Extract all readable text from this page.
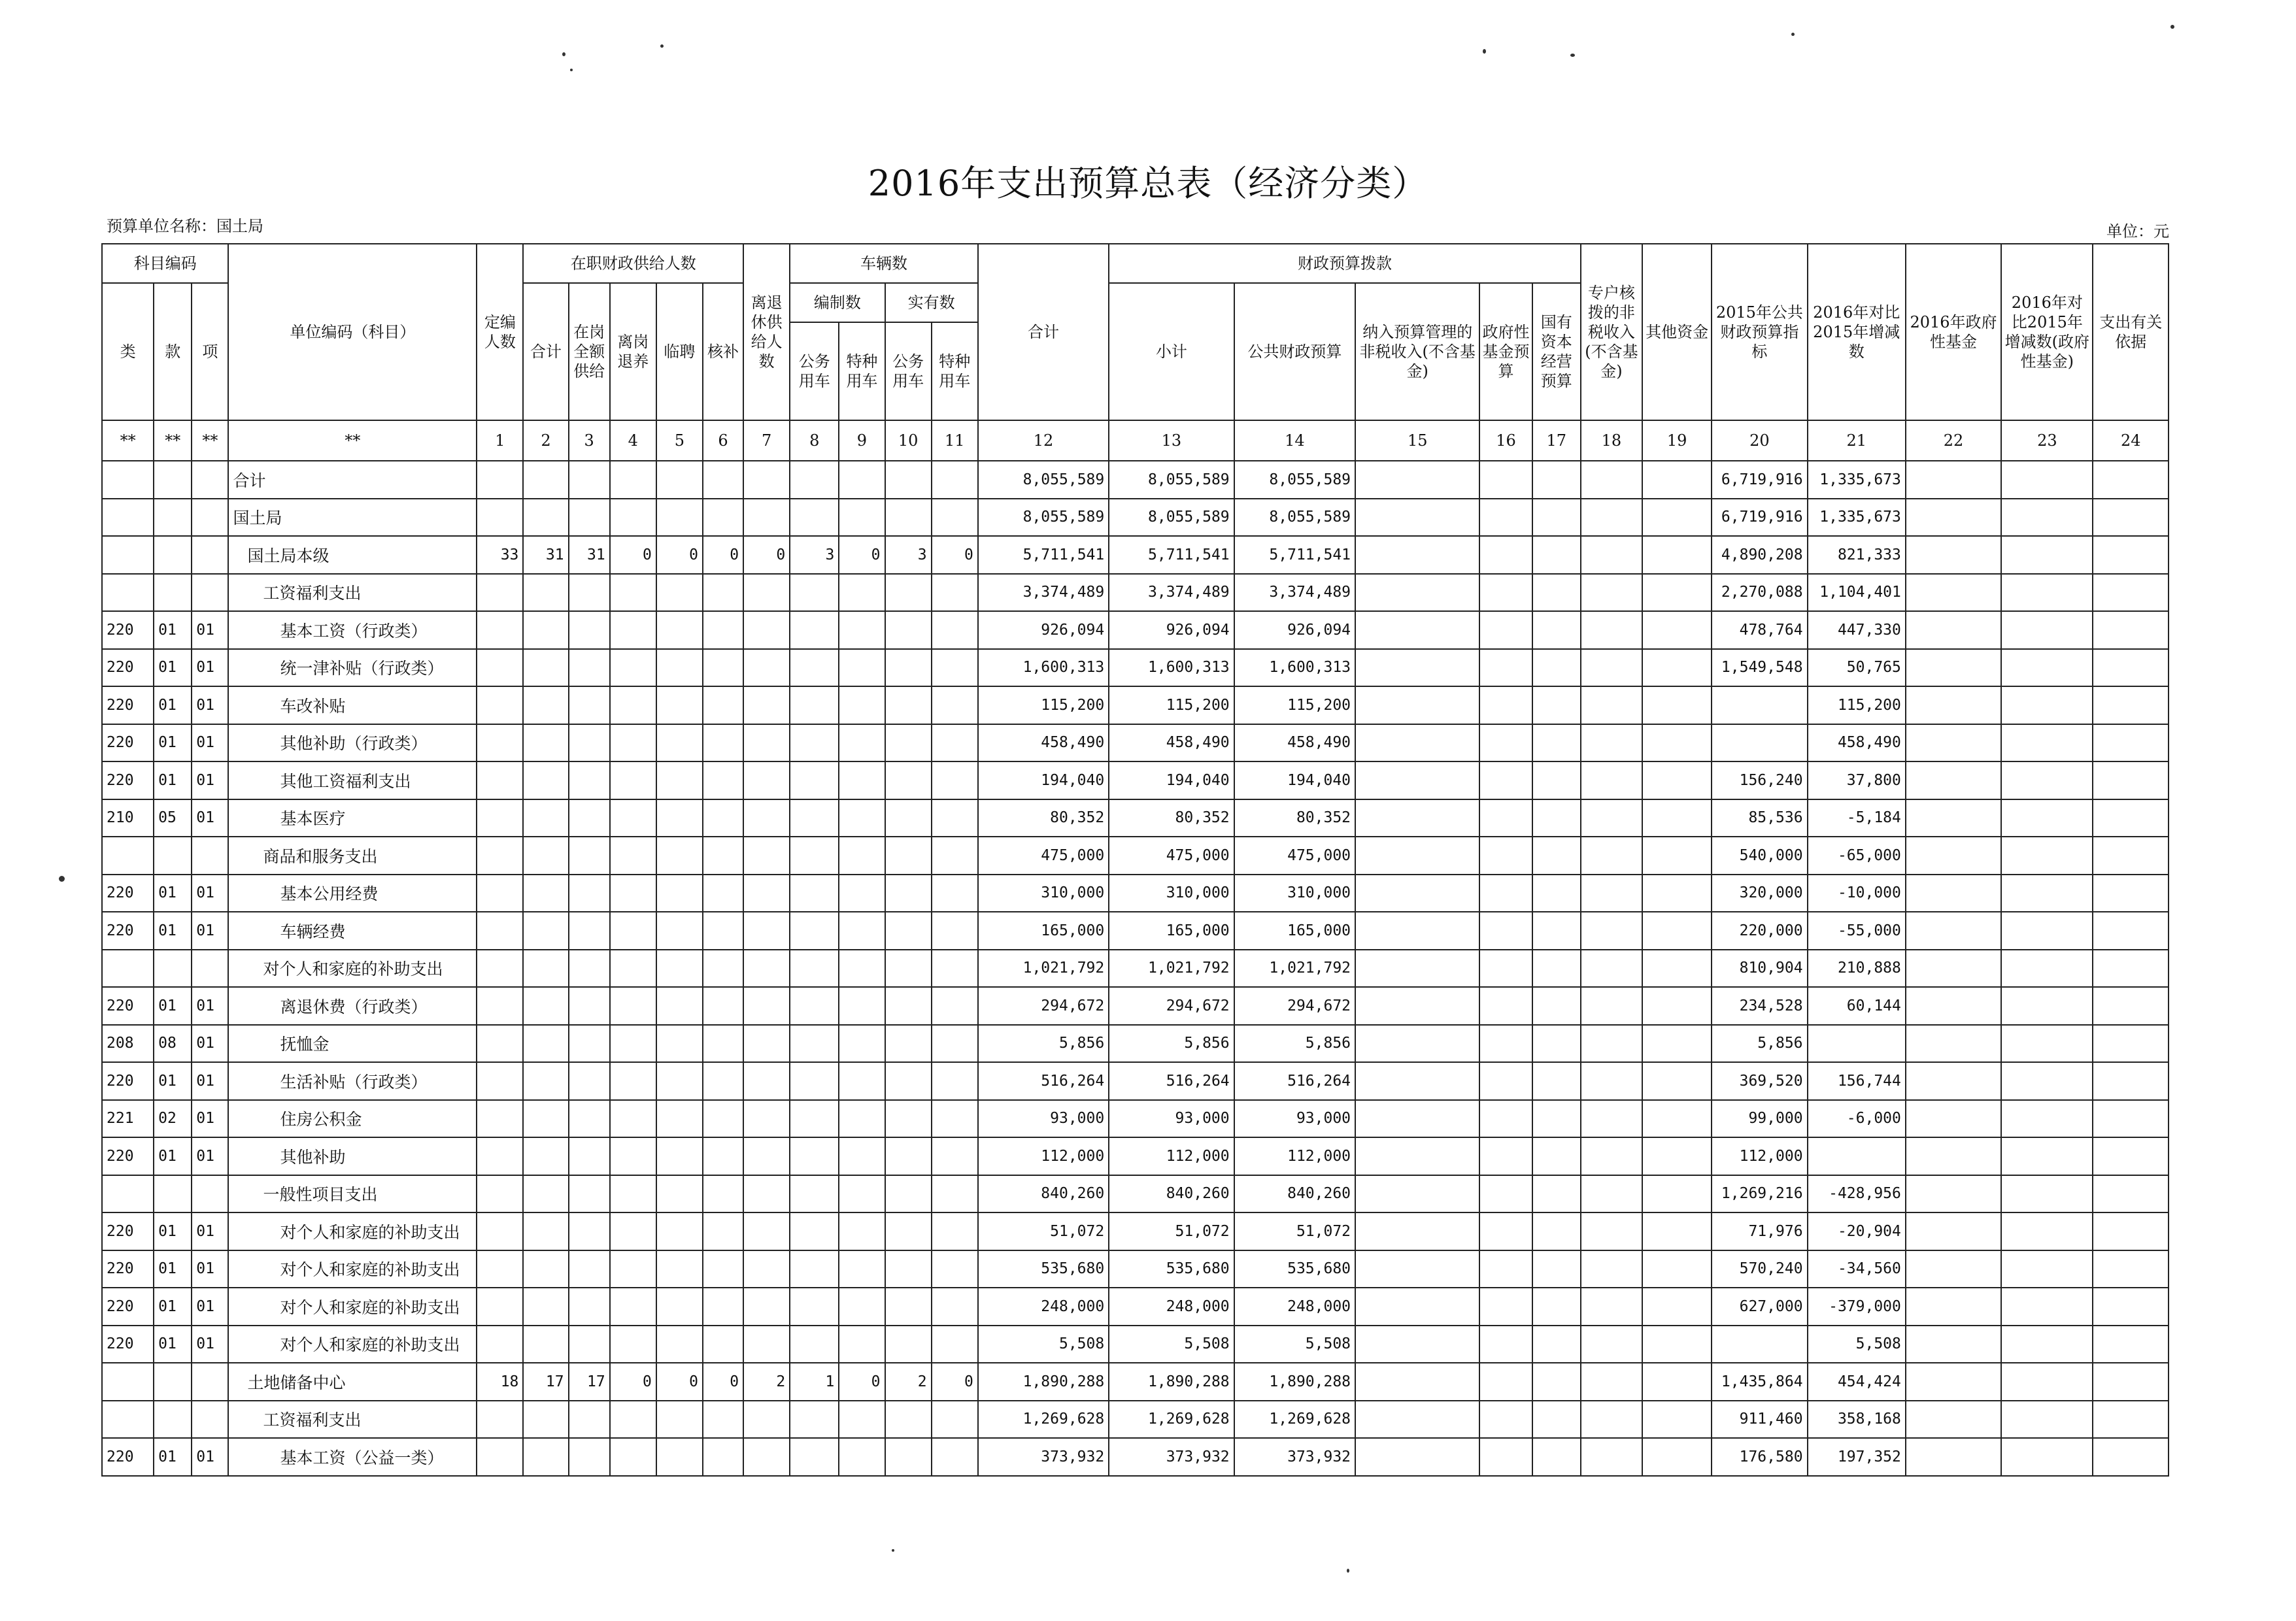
2016年支出预算总表（经济分类）
预算单位名称：国土局	单位：元
科目编码			单位编码（科目）	定编人数	在职财政供给人数					离退休供给人数	车辆数				合计	财政预算拨款					专户核拨的非税收入(不含基金)	其他资金	2015年公共财政预算指标	2016年对比2015年增减数	2016年政府性基金	2016年对比2015年增减数(政府性基金)	支出有关依据
类	款	项			合计	在岗全额供给	离岗退养	临聘	核补		编制数		实有数			小计	公共财政预算	纳入预算管理的非税收入(不含基金)	政府性基金预算	国有资本经营预算							
											公务用车	特种用车	公务用车	特种用车													
**	**	**	**	1	2	3	4	5	6	7	8	9	10	11	12	13	14	15	16	17	18	19	20	21	22	23	24
			合计												8,055,589	8,055,589	8,055,589						6,719,916	1,335,673			
			国土局												8,055,589	8,055,589	8,055,589						6,719,916	1,335,673			
			国土局本级	33	31	31	0	0	0	0	3	0	3	0	5,711,541	5,711,541	5,711,541						4,890,208	821,333			
			工资福利支出												3,374,489	3,374,489	3,374,489						2,270,088	1,104,401			
220	01	01	基本工资（行政类）												926,094	926,094	926,094						478,764	447,330			
220	01	01	统一津补贴（行政类）												1,600,313	1,600,313	1,600,313						1,549,548	50,765			
220	01	01	车改补贴												115,200	115,200	115,200							115,200			
220	01	01	其他补助（行政类）												458,490	458,490	458,490							458,490			
220	01	01	其他工资福利支出												194,040	194,040	194,040						156,240	37,800			
210	05	01	基本医疗												80,352	80,352	80,352						85,536	-5,184			
			商品和服务支出												475,000	475,000	475,000						540,000	-65,000			
220	01	01	基本公用经费												310,000	310,000	310,000						320,000	-10,000			
220	01	01	车辆经费												165,000	165,000	165,000						220,000	-55,000			
			对个人和家庭的补助支出												1,021,792	1,021,792	1,021,792						810,904	210,888			
220	01	01	离退休费（行政类）												294,672	294,672	294,672						234,528	60,144			
208	08	01	抚恤金												5,856	5,856	5,856						5,856				
220	01	01	生活补贴（行政类）												516,264	516,264	516,264						369,520	156,744			
221	02	01	住房公积金												93,000	93,000	93,000						99,000	-6,000			
220	01	01	其他补助												112,000	112,000	112,000						112,000				
			一般性项目支出												840,260	840,260	840,260						1,269,216	-428,956			
220	01	01	对个人和家庭的补助支出												51,072	51,072	51,072						71,976	-20,904			
220	01	01	对个人和家庭的补助支出												535,680	535,680	535,680						570,240	-34,560			
220	01	01	对个人和家庭的补助支出												248,000	248,000	248,000						627,000	-379,000			
220	01	01	对个人和家庭的补助支出												5,508	5,508	5,508							5,508			
			土地储备中心	18	17	17	0	0	0	2	1	0	2	0	1,890,288	1,890,288	1,890,288						1,435,864	454,424			
			工资福利支出												1,269,628	1,269,628	1,269,628						911,460	358,168			
220	01	01	基本工资（公益一类）												373,932	373,932	373,932						176,580	197,352			
